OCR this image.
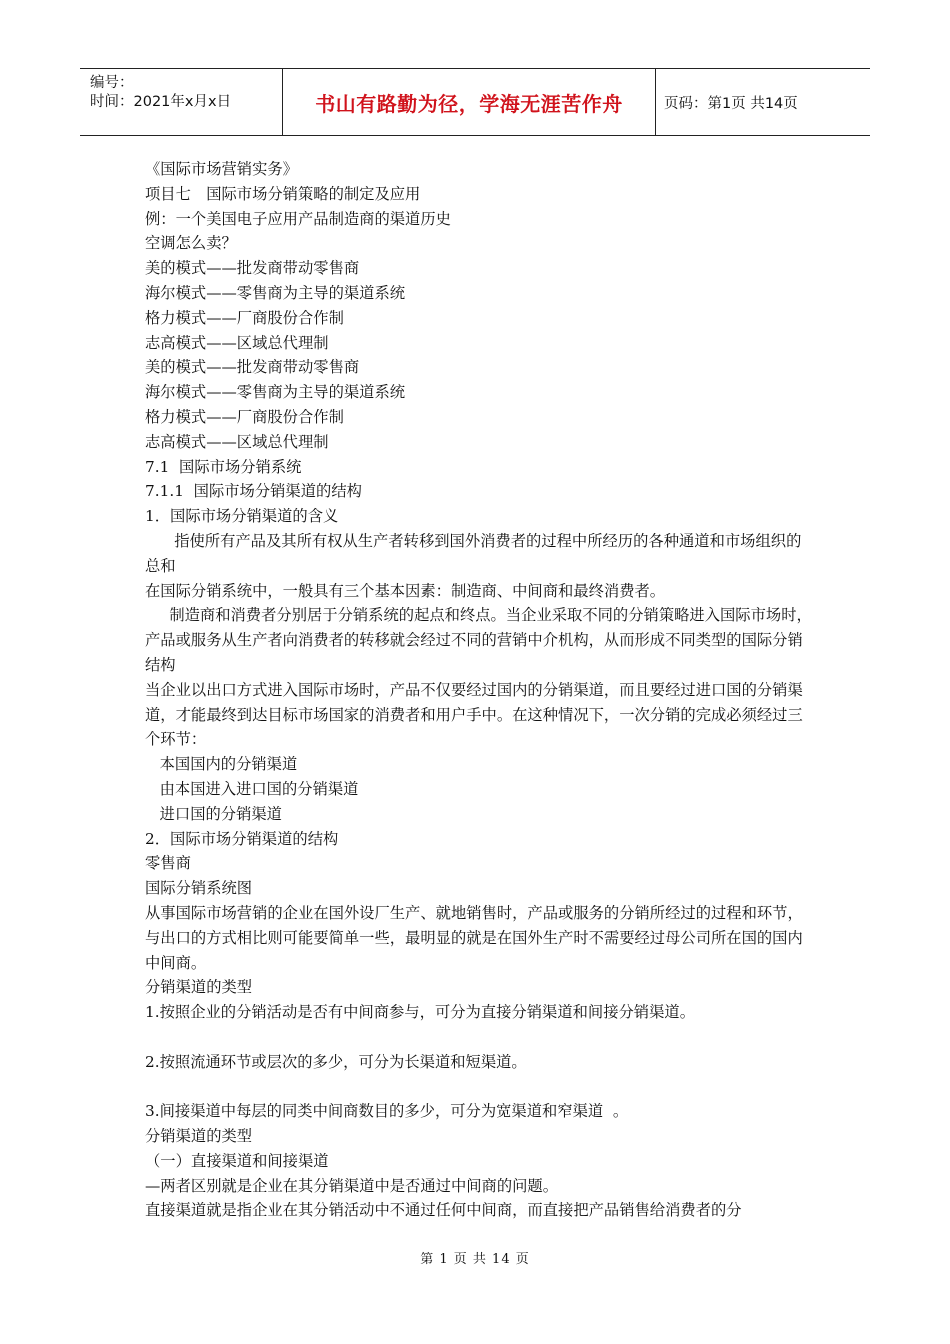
编号：
时间：2021年x月x日	书山有路勤为径，学海无涯苦作舟	页码：第1页 共14页

《国际市场营销实务》

项目七　国际市场分销策略的制定及应用

例：一个美国电子应用产品制造商的渠道历史

空调怎么卖？

美的模式——批发商带动零售商

海尔模式——零售商为主导的渠道系统

格力模式——厂商股份合作制

志高模式——区域总代理制

美的模式——批发商带动零售商

海尔模式——零售商为主导的渠道系统

格力模式——厂商股份合作制

志高模式——区域总代理制

7.1  国际市场分销系统

7.1.1  国际市场分销渠道的结构

1．国际市场分销渠道的含义

指使所有产品及其所有权从生产者转移到国外消费者的过程中所经历的各种通道和市场组织的总和

在国际分销系统中，一般具有三个基本因素：制造商、中间商和最终消费者。

制造商和消费者分别居于分销系统的起点和终点。当企业采取不同的分销策略进入国际市场时，产品或服务从生产者向消费者的转移就会经过不同的营销中介机构，从而形成不同类型的国际分销结构

当企业以出口方式进入国际市场时，产品不仅要经过国内的分销渠道，而且要经过进口国的分销渠道，才能最终到达目标市场国家的消费者和用户手中。在这种情况下，一次分销的完成必须经过三个环节：

本国国内的分销渠道

由本国进入进口国的分销渠道

进口国的分销渠道

2．国际市场分销渠道的结构

零售商

国际分销系统图

从事国际市场营销的企业在国外设厂生产、就地销售时，产品或服务的分销所经过的过程和环节，与出口的方式相比则可能要简单一些，最明显的就是在国外生产时不需要经过母公司所在国的国内中间商。

分销渠道的类型

1.按照企业的分销活动是否有中间商参与，可分为直接分销渠道和间接分销渠道。

2.按照流通环节或层次的多少，可分为长渠道和短渠道。

3.间接渠道中每层的同类中间商数目的多少，可分为宽渠道和窄渠道  。

分销渠道的类型

（一）直接渠道和间接渠道

—两者区别就是企业在其分销渠道中是否通过中间商的问题。

直接渠道就是指企业在其分销活动中不通过任何中间商，而直接把产品销售给消费者的分

第 1 页 共 14 页
